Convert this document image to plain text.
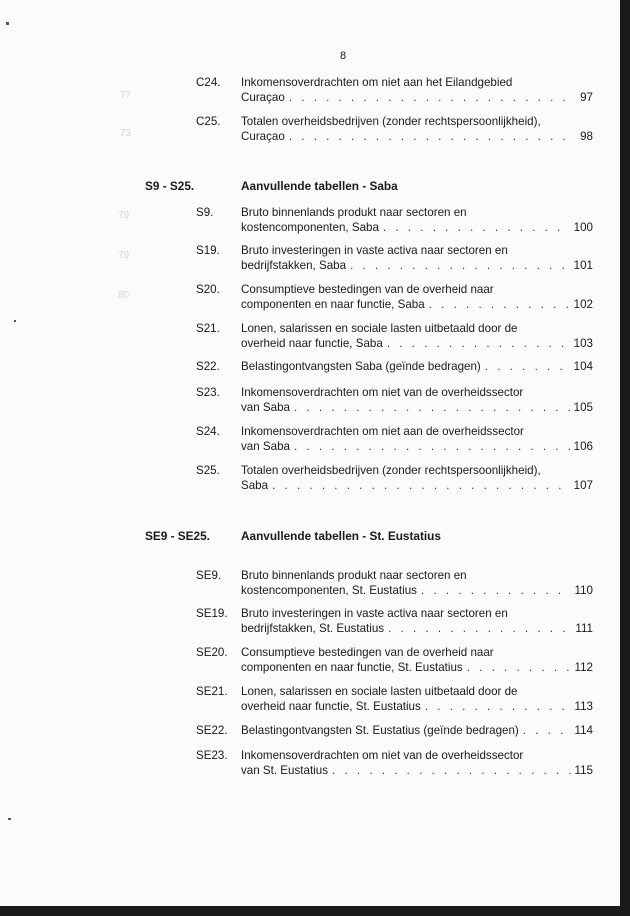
77
73
79
79
80
8
C24. Inkomensoverdrachten om niet aan het Eilandgebied
Curaçao . . .	97
C25. Totalen overheidsbedrijven (zonder rechtspersoonlijkheid),
Curaçao . . .	98
S9 - S25.	Aanvullende tabellen - Saba
S9. Bruto binnenlands produkt naar sectoren en
kostencomponenten, Saba . . .	100
S19. Bruto investeringen in vaste activa naar sectoren en
bedrijfstakken, Saba . . .	101
S20. Consumptieve bestedingen van de overheid naar
componenten en naar functie, Saba . . .	102
S21. Lonen, salarissen en sociale lasten uitbetaald door de
overheid naar functie, Saba . . .	103
S22. Belastingontvangsten Saba (geïnde bedragen) . . .	104
S23. Inkomensoverdrachten om niet van de overheidssector
van Saba . . .	105
S24. Inkomensoverdrachten om niet aan de overheidssector
van Saba . . .	106
S25. Totalen overheidsbedrijven (zonder rechtspersoonlijkheid),
Saba . . .	107
SE9 - SE25.	Aanvullende tabellen - St. Eustatius
SE9. Bruto binnenlands produkt naar sectoren en
kostencomponenten, St. Eustatius . . .	110
SE19. Bruto investeringen in vaste activa naar sectoren en
bedrijfstakken, St. Eustatius . . .	111
SE20. Consumptieve bestedingen van de overheid naar
componenten en naar functie, St. Eustatius . . .	112
SE21. Lonen, salarissen en sociale lasten uitbetaald door de
overheid naar functie, St. Eustatius . . .	113
SE22. Belastingontvangsten St. Eustatius (geïnde bedragen) . . .	114
SE23. Inkomensoverdrachten om niet van de overheidssector
van St. Eustatius . . .	115
